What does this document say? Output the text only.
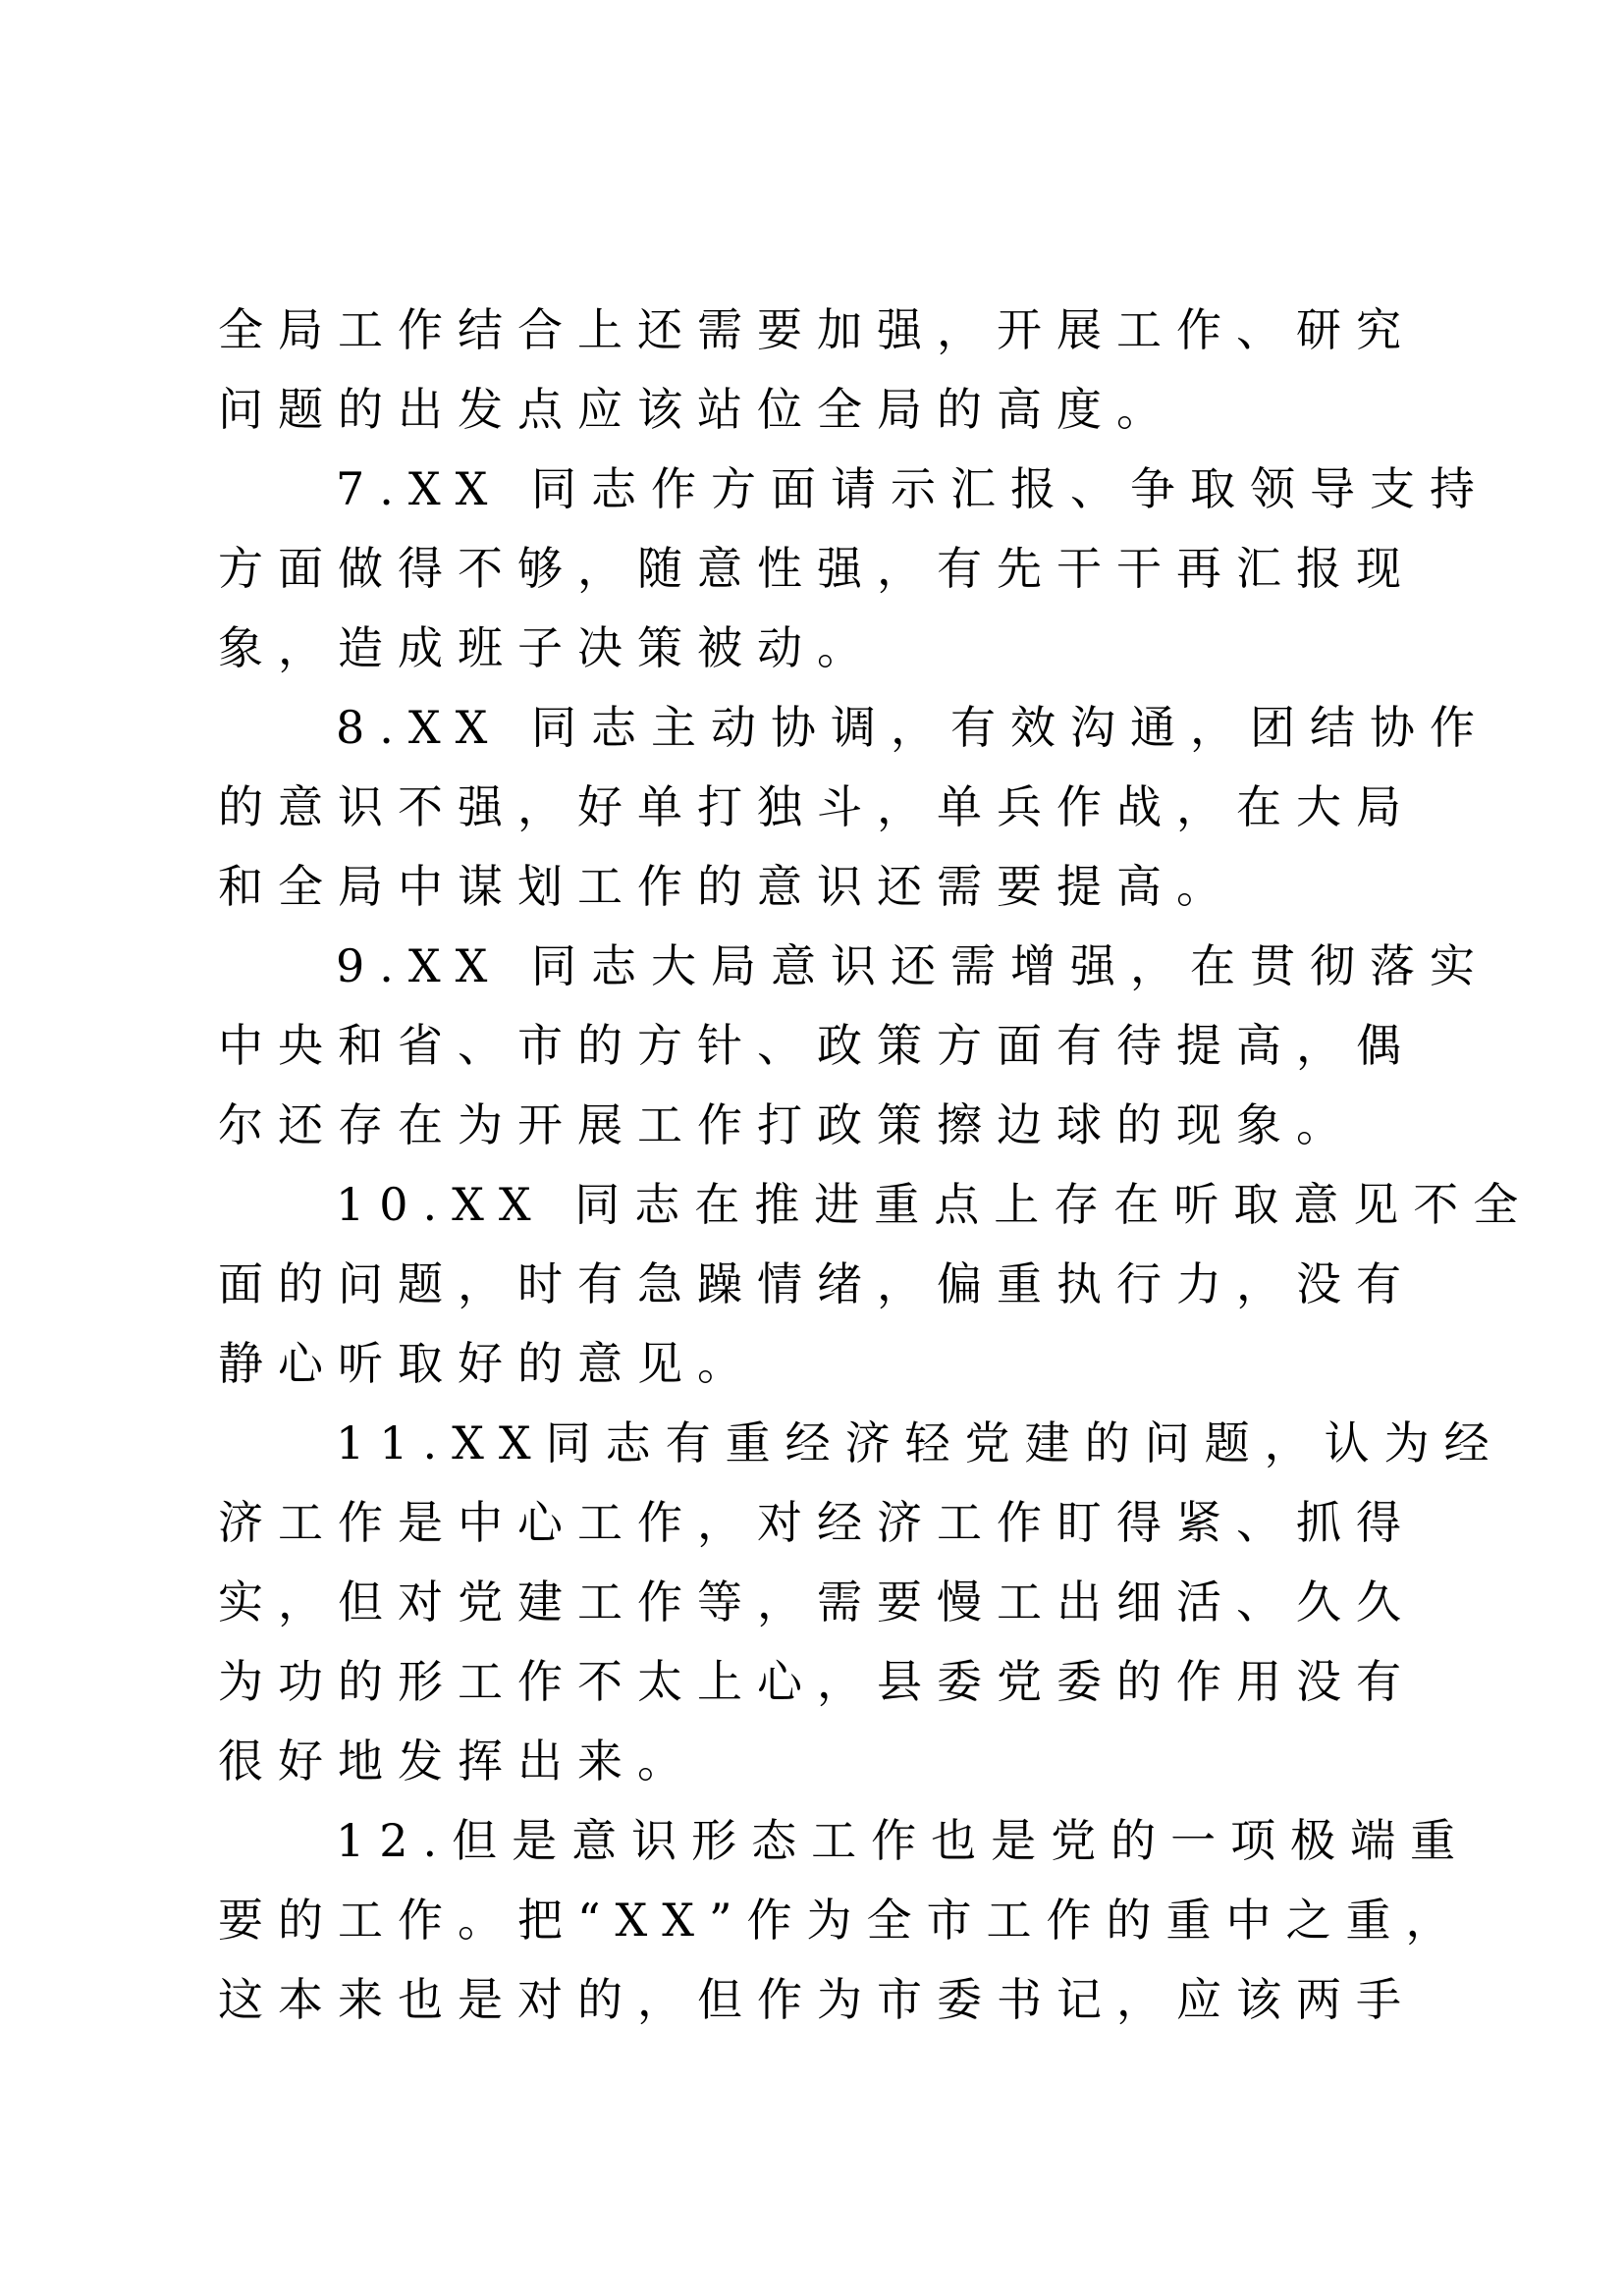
全局工作结合上还需要加强，开展工作、研究
问题的出发点应该站位全局的高度。
7.XX 同志作方面请示汇报、争取领导支持
方面做得不够，随意性强，有先干干再汇报现
象，造成班子决策被动。
8.XX 同志主动协调，有效沟通，团结协作
的意识不强，好单打独斗，单兵作战，在大局
和全局中谋划工作的意识还需要提高。
9.XX 同志大局意识还需增强，在贯彻落实
中央和省、市的方针、政策方面有待提高，偶
尔还存在为开展工作打政策擦边球的现象。
10.XX 同志在推进重点上存在听取意见不全
面的问题，时有急躁情绪，偏重执行力，没有
静心听取好的意见。
11.XX同志有重经济轻党建的问题，认为经
济工作是中心工作，对经济工作盯得紧、抓得
实，但对党建工作等，需要慢工出细活、久久
为功的形工作不太上心，县委党委的作用没有
很好地发挥出来。
12.但是意识形态工作也是党的一项极端重
要的工作。把“XX”作为全市工作的重中之重，
这本来也是对的，但作为市委书记，应该两手
